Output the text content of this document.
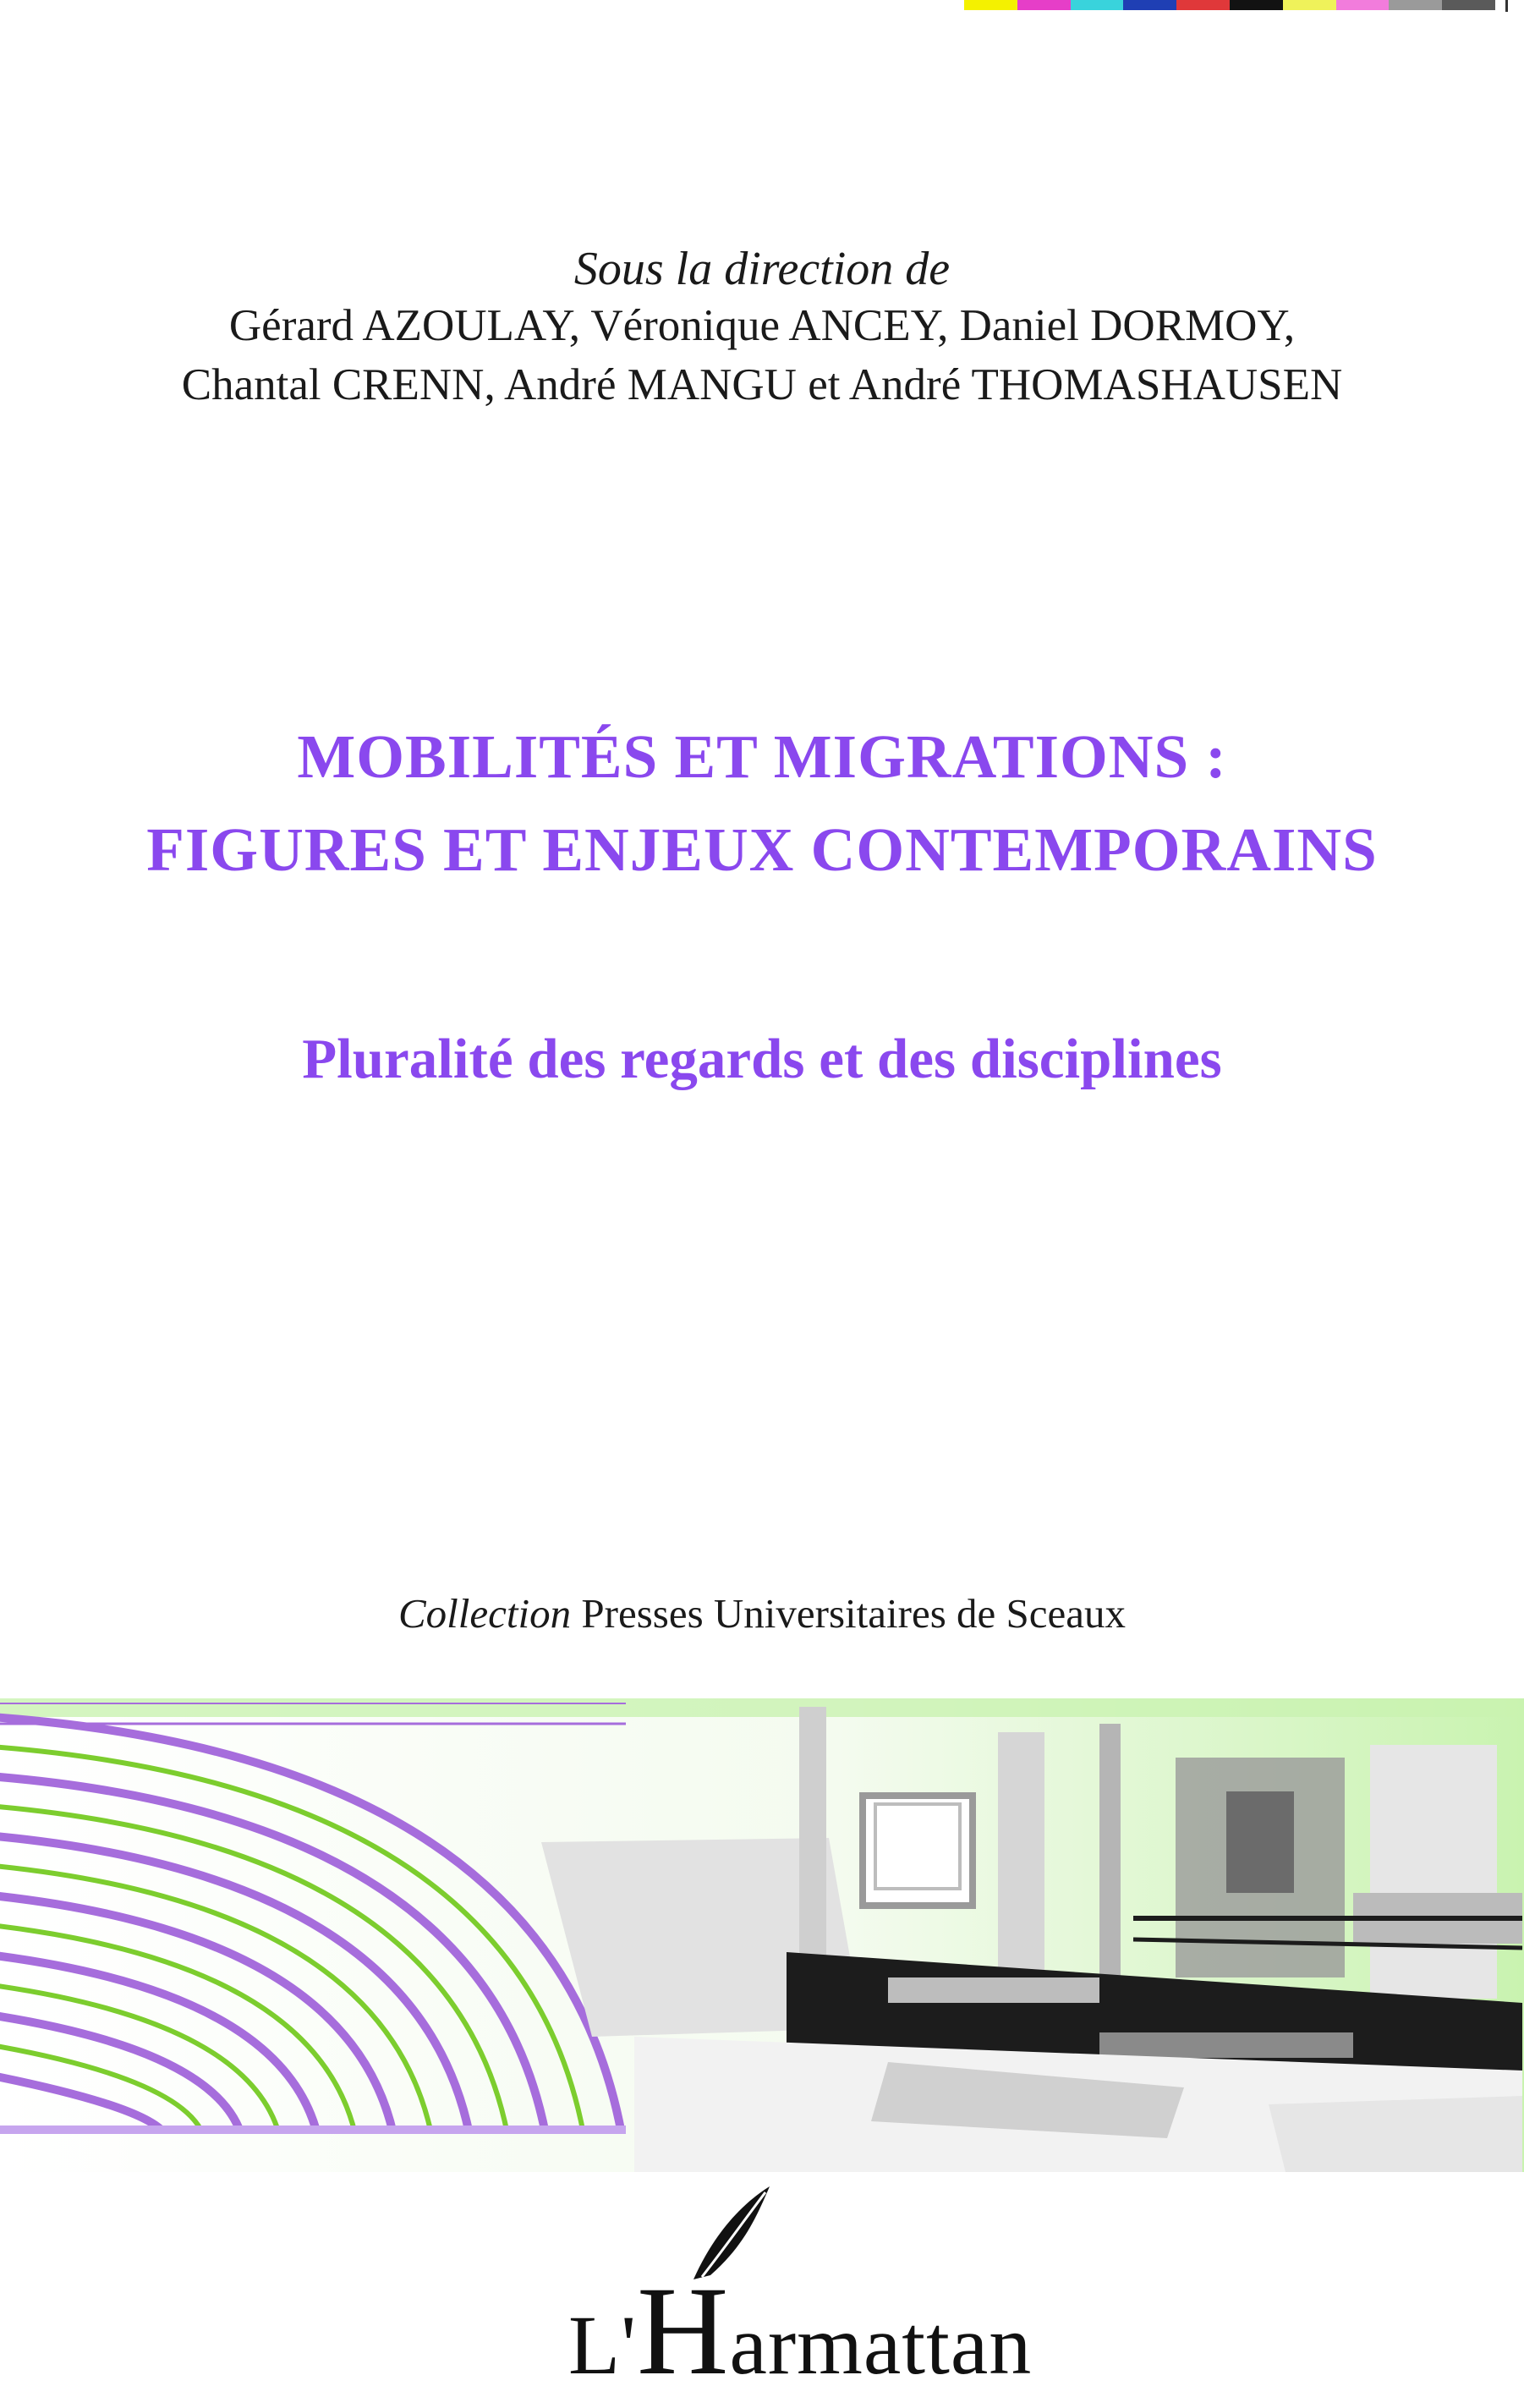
Sous la direction de
Gérard AZOULAY, Véronique ANCEY, Daniel DORMOY,
Chantal CRENN, André MANGU et André THOMASHAUSEN
MOBILITÉS ET MIGRATIONS :
FIGURES ET ENJEUX CONTEMPORAINS
Pluralité des regards et des disciplines
Collection Presses Universitaires de Sceaux
L'Harmattan
